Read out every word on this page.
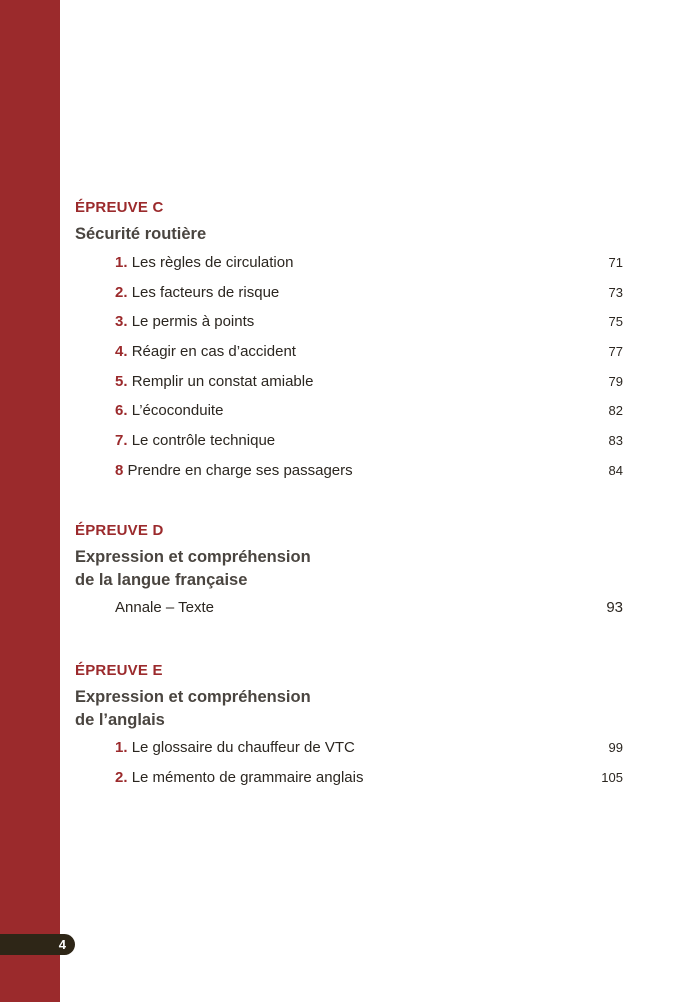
4
ÉPREUVE C
Sécurité routière
1. Les règles de circulation	71
2. Les facteurs de risque	73
3. Le permis à points	75
4. Réagir en cas d’accident	77
5. Remplir un constat amiable	79
6. L’écoconduite	82
7. Le contrôle technique	83
8 Prendre en charge ses passagers	84
ÉPREUVE D
Expression et compréhension
de la langue française
Annale – Texte	93
ÉPREUVE E
Expression et compréhension
de l’anglais
1. Le glossaire du chauffeur de VTC	99
2. Le mémento de grammaire anglais	105
